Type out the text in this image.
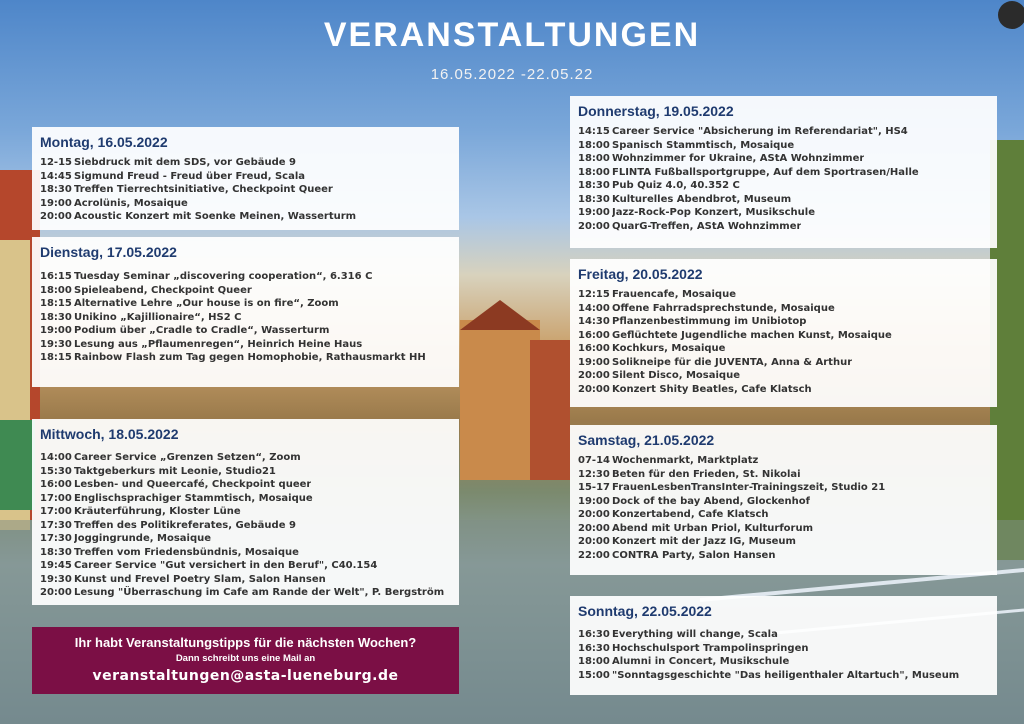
VERANSTALTUNGEN
16.05.2022 -22.05.22
Montag, 16.05.2022
12-15 Siebdruck mit dem SDS, vor Gebäude 9
14:45 Sigmund Freud - Freud über Freud, Scala
18:30 Treffen Tierrechtsinitiative, Checkpoint Queer
19:00 Acrolünis, Mosaique
20:00 Acoustic Konzert mit Soenke Meinen, Wasserturm
Dienstag, 17.05.2022
16:15 Tuesday Seminar „discovering cooperation“, 6.316 C
18:00 Spieleabend, Checkpoint Queer
18:15 Alternative Lehre „Our house is on fire“, Zoom
18:30 Unikino „Kajillionaire“, HS2 C
19:00 Podium über „Cradle to Cradle“, Wasserturm
19:30 Lesung aus „Pflaumenregen“, Heinrich Heine Haus
18:15 Rainbow Flash zum Tag gegen Homophobie, Rathausmarkt HH
Mittwoch, 18.05.2022
14:00 Career Service „Grenzen Setzen“, Zoom
15:30 Taktgeberkurs mit Leonie, Studio21
16:00 Lesben- und Queercafé, Checkpoint queer
17:00 Englischsprachiger Stammtisch, Mosaique
17:00 Kräuterführung, Kloster Lüne
17:30 Treffen des Politikreferates, Gebäude 9
17:30 Joggingrunde, Mosaique
18:30 Treffen vom Friedensbündnis, Mosaique
19:45 Career Service "Gut versichert in den Beruf", C40.154
19:30 Kunst und Frevel Poetry Slam, Salon Hansen
20:00 Lesung "Überraschung im Cafe am Rande der Welt", P. Bergström
Ihr habt Veranstaltungstipps für die nächsten Wochen?
Dann schreibt uns eine Mail an
veranstaltungen@asta-lueneburg.de
Donnerstag, 19.05.2022
14:15 Career Service "Absicherung im Referendariat", HS4
18:00 Spanisch Stammtisch, Mosaique
18:00 Wohnzimmer for Ukraine, AStA Wohnzimmer
18:00 FLINTA Fußballsportgruppe, Auf dem Sportrasen/Halle
18:30 Pub Quiz 4.0, 40.352 C
18:30 Kulturelles Abendbrot, Museum
19:00 Jazz-Rock-Pop Konzert, Musikschule
20:00 QuarG-Treffen, AStA Wohnzimmer
Freitag, 20.05.2022
12:15 Frauencafe, Mosaique
14:00 Offene Fahrradsprechstunde, Mosaique
14:30 Pflanzenbestimmung im Unibiotop
16:00 Geflüchtete Jugendliche machen Kunst, Mosaique
16:00 Kochkurs, Mosaique
19:00 Solikneipe für die JUVENTA, Anna & Arthur
20:00 Silent Disco, Mosaique
20:00 Konzert Shity Beatles, Cafe Klatsch
Samstag, 21.05.2022
07-14 Wochenmarkt, Marktplatz
12:30 Beten für den Frieden, St. Nikolai
15-17 FrauenLesbenTransInter-Trainingszeit, Studio 21
19:00 Dock of the bay Abend, Glockenhof
20:00 Konzertabend, Cafe Klatsch
20:00 Abend mit Urban Priol, Kulturforum
20:00 Konzert mit der Jazz IG, Museum
22:00 CONTRA Party, Salon Hansen
Sonntag, 22.05.2022
16:30 Everything will change, Scala
16:30 Hochschulsport Trampolinspringen
18:00 Alumni in Concert, Musikschule
15:00 "Sonntagsgeschichte "Das heiligenthaler Altartuch", Museum
